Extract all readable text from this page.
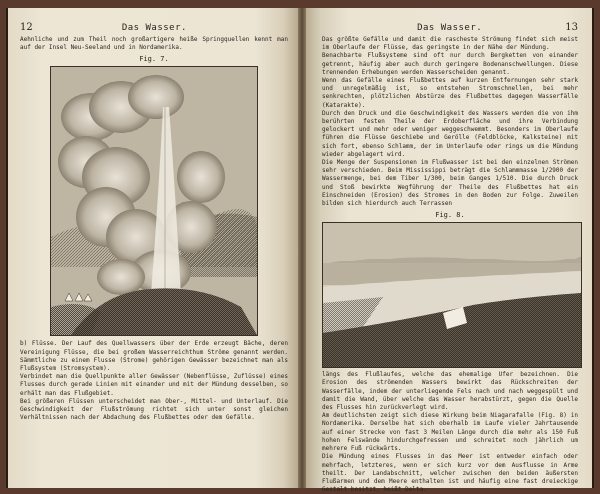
12	Das Wasser.

Aehnliche und zum Theil noch großartigere heiße Springquellen kennt man auf der Insel Neu-Seeland und in Nordamerika.

Fig. 7.

b) Flüsse. Der Lauf des Quellwassers über der Erde erzeugt Bäche, deren Vereinigung Flüsse, die bei großem Wasserreichthum Ströme genannt werden. Sämmtliche zu einem Flusse (Strome) gehörigen Gewässer bezeichnet man als Flußsystem (Stromsystem).

Verbindet man die Quellpunkte aller Gewässer (Nebenflüsse, Zuflüsse) eines Flusses durch gerade Linien mit einander und mit der Mündung desselben, so erhält man das Flußgebiet.

Bei größeren Flüssen unterscheidet man Ober-, Mittel- und Unterlauf. Die Geschwindigkeit der Flußströmung richtet sich unter sonst gleichen Verhältnissen nach der Abdachung des Flußbettes oder dem Gefälle.

Das Wasser.	13

Das größte Gefälle und damit die rascheste Strömung findet sich meist im Oberlaufe der Flüsse, das geringste in der Nähe der Mündung.

Benachbarte Flußsysteme sind oft nur durch Bergketten von einander getrennt, häufig aber auch durch geringere Bodenanschwellungen. Diese trennenden Erhebungen werden Wasserscheiden genannt.

Wenn das Gefälle eines Flußbettes auf kurzen Entfernungen sehr stark und unregelmäßig ist, so entstehen Stromschnellen, bei mehr senkrechten, plötzlichen Abstürze des Flußbettes dagegen Wasserfälle (Katarakte).

Durch den Druck und die Geschwindigkeit des Wassers werden die von ihm berührten festen Theile der Erdoberfläche und ihre Verbindung gelockert und mehr oder weniger weggeschwemmt. Besonders im Oberlaufe führen die Flüsse Geschiebe und Gerölle (Feldblöcke, Kalksteine) mit sich fort, ebenso Schlamm, der im Unterlaufe oder rings um die Mündung wieder abgelagert wird.

Die Menge der Suspensionen im Flußwasser ist bei den einzelnen Strömen sehr verschieden. Beim Mississippi beträgt die Schlammmasse 1/2900 der Wassermenge, bei dem Tiber 1/300, beim Ganges 1/510. Die durch Druck und Stoß bewirkte Wegführung der Theile des Flußbettes hat ein Einschneiden (Erosion) des Stromes in den Boden zur Folge. Zuweilen bilden sich hierdurch auch Terrassen

Fig. 8.

längs des Flußlaufes, welche das ehemalige Ufer bezeichnen. Die Erosion des strömenden Wassers bewirkt das Rückschreiten der Wasserfälle, indem der unterliegende Fels nach und nach weggespült und damit die Wand, über welche das Wasser herabstürzt, gegen die Quelle des Flusses hin zurückverlegt wird.

Am deutlichsten zeigt sich diese Wirkung beim Niagarafalle (Fig. 8) in Nordamerika. Derselbe hat sich oberhalb im Laufe vieler Jahrtausende auf einer Strecke von fast 3 Meilen Länge durch die mehr als 150 Fuß hohen Felswände hindurchgefressen und schreitet noch jährlich um mehrere Fuß rückwärts.

Die Mündung eines Flusses in das Meer ist entweder einfach oder mehrfach, letzteres, wenn er sich kurz vor dem Ausflusse in Arme theilt. Der Landabschnitt, welcher zwischen den beiden äußersten Flußarmen und dem Meere enthalten ist und häufig eine fast dreieckige Gestalt besitzt, heißt Delta.
